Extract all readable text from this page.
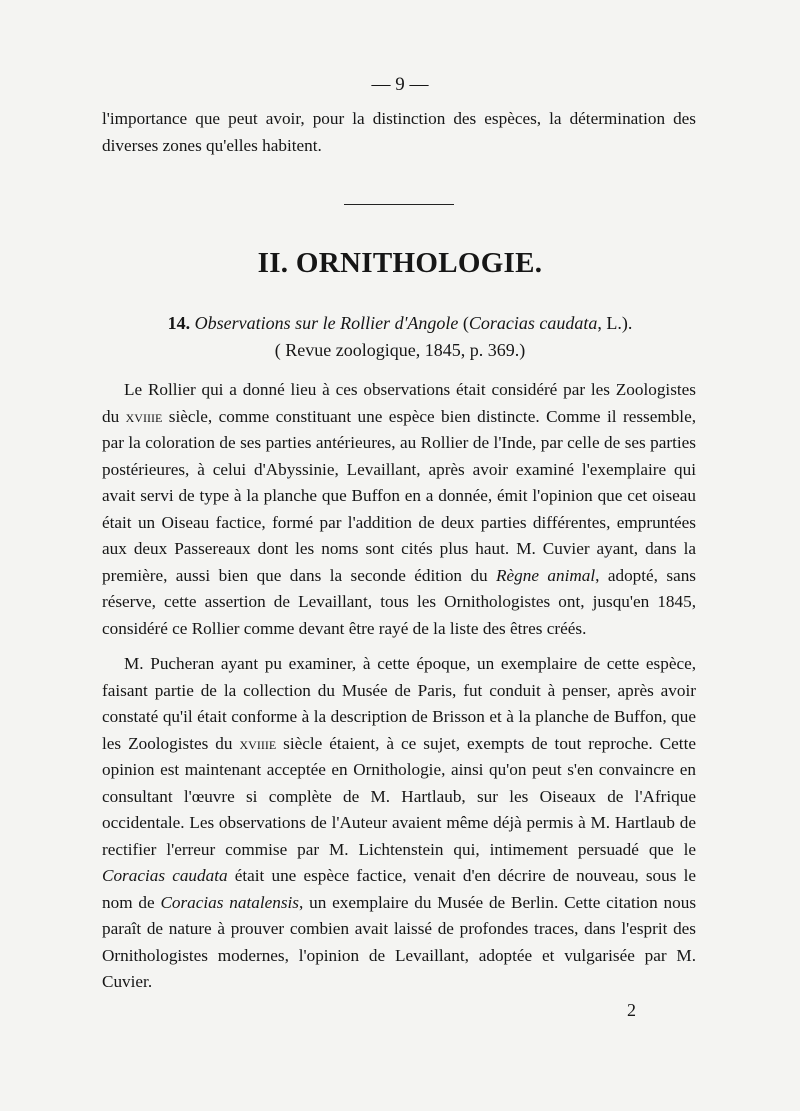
— 9 —

l'importance que peut avoir, pour la distinction des espèces, la détermination des diverses zones qu'elles habitent.

II. ORNITHOLOGIE.
14. Observations sur le Rollier d'Angole (Coracias caudata, L.).
( Revue zoologique, 1845, p. 369.)

Le Rollier qui a donné lieu à ces observations était considéré par les Zoologistes du xviiie siècle, comme constituant une espèce bien distincte. Comme il ressemble, par la coloration de ses parties antérieures, au Rollier de l'Inde, par celle de ses parties postérieures, à celui d'Abyssinie, Levaillant, après avoir examiné l'exemplaire qui avait servi de type à la planche que Buffon en a donnée, émit l'opinion que cet oiseau était un Oiseau factice, formé par l'addition de deux parties différentes, empruntées aux deux Passereaux dont les noms sont cités plus haut. M. Cuvier ayant, dans la première, aussi bien que dans la seconde édition du Règne animal, adopté, sans réserve, cette assertion de Levaillant, tous les Ornithologistes ont, jusqu'en 1845, considéré ce Rollier comme devant être rayé de la liste des êtres créés.

M. Pucheran ayant pu examiner, à cette époque, un exemplaire de cette espèce, faisant partie de la collection du Musée de Paris, fut conduit à penser, après avoir constaté qu'il était conforme à la description de Brisson et à la planche de Buffon, que les Zoologistes du xviiie siècle étaient, à ce sujet, exempts de tout reproche. Cette opinion est maintenant acceptée en Ornithologie, ainsi qu'on peut s'en convaincre en consultant l'œuvre si complète de M. Hartlaub, sur les Oiseaux de l'Afrique occidentale. Les observations de l'Auteur avaient même déjà permis à M. Hartlaub de rectifier l'erreur commise par M. Lichtenstein qui, intimement persuadé que le Coracias caudata était une espèce factice, venait d'en décrire de nouveau, sous le nom de Coracias natalensis, un exemplaire du Musée de Berlin. Cette citation nous paraît de nature à prouver combien avait laissé de profondes traces, dans l'esprit des Ornithologistes modernes, l'opinion de Levaillant, adoptée et vulgarisée par M. Cuvier.

2
